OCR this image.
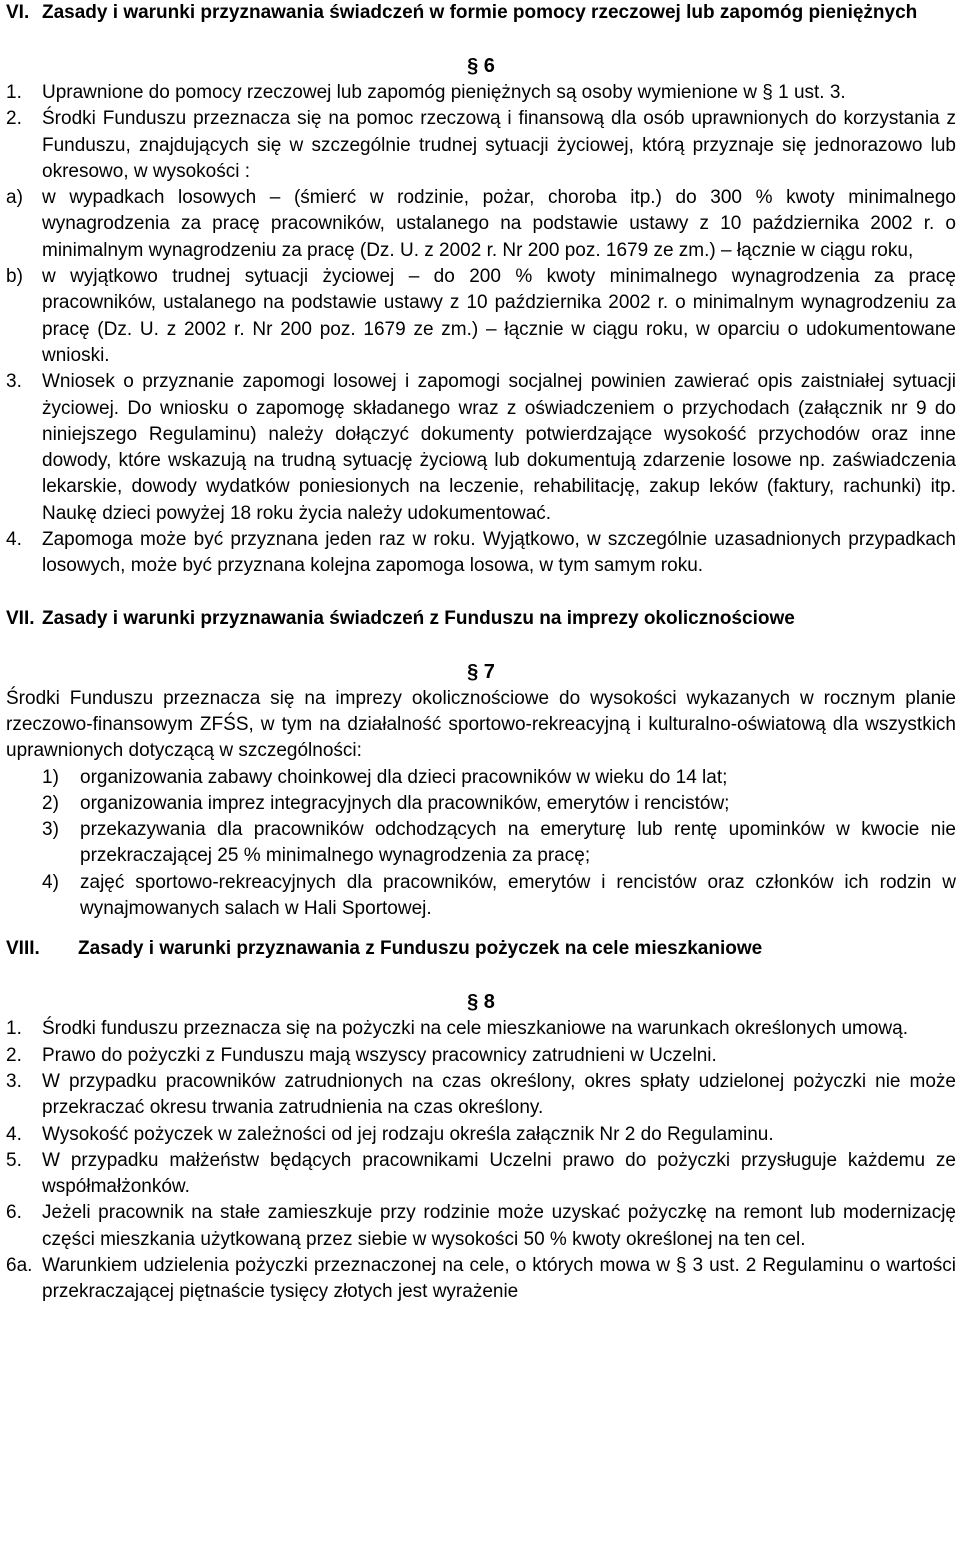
VI. Zasady i warunki przyznawania świadczeń w formie pomocy rzeczowej lub zapomóg pieniężnych
§ 6
1.	Uprawnione do pomocy rzeczowej lub zapomóg pieniężnych są osoby wymienione w § 1 ust. 3.
2.	Środki Funduszu przeznacza się na pomoc rzeczową i finansową dla osób uprawnionych do korzystania z Funduszu, znajdujących się w szczególnie trudnej sytuacji życiowej, którą przyznaje się jednorazowo lub okresowo, w wysokości :
a)	w wypadkach losowych – (śmierć w rodzinie, pożar, choroba itp.) do 300 % kwoty minimalnego wynagrodzenia za pracę pracowników, ustalanego na podstawie ustawy z 10 października 2002 r. o minimalnym wynagrodzeniu za pracę (Dz. U. z 2002 r. Nr 200 poz. 1679 ze zm.) – łącznie w ciągu roku,
b)	w wyjątkowo trudnej sytuacji życiowej – do 200 % kwoty minimalnego wynagrodzenia za pracę pracowników, ustalanego na podstawie ustawy z 10 października 2002 r. o minimalnym wynagrodzeniu za pracę (Dz. U. z 2002 r. Nr 200 poz. 1679 ze zm.) – łącznie w ciągu roku, w oparciu o udokumentowane wnioski.
3.	Wniosek o przyznanie zapomogi losowej i zapomogi socjalnej powinien zawierać opis zaistniałej sytuacji życiowej. Do wniosku o zapomogę składanego wraz z oświadczeniem o przychodach (załącznik nr 9 do niniejszego Regulaminu) należy dołączyć dokumenty potwierdzające wysokość przychodów oraz inne dowody, które wskazują na trudną sytuację życiową lub dokumentują zdarzenie losowe np. zaświadczenia lekarskie, dowody wydatków poniesionych na leczenie, rehabilitację, zakup leków (faktury, rachunki) itp. Naukę dzieci powyżej 18 roku życia należy udokumentować.
4.	Zapomoga może być przyznana jeden raz w roku. Wyjątkowo, w szczególnie uzasadnionych przypadkach losowych, może być przyznana kolejna zapomoga losowa, w tym samym roku.
VII. Zasady i warunki przyznawania świadczeń z Funduszu na imprezy okolicznościowe
§ 7
Środki Funduszu przeznacza się na imprezy okolicznościowe do wysokości wykazanych w rocznym planie rzeczowo-finansowym ZFŚS, w tym na działalność sportowo-rekreacyjną i kulturalno-oświatową dla wszystkich uprawnionych dotyczącą w szczególności:
1)	organizowania zabawy choinkowej dla dzieci pracowników w wieku do 14 lat;
2)	organizowania imprez integracyjnych dla pracowników, emerytów i rencistów;
3)	przekazywania dla pracowników odchodzących na emeryturę lub rentę upominków w kwocie nie przekraczającej 25 % minimalnego wynagrodzenia za pracę;
4)	zajęć sportowo-rekreacyjnych dla pracowników, emerytów i rencistów oraz członków ich rodzin w wynajmowanych salach w Hali Sportowej.
VIII.	Zasady i warunki przyznawania z Funduszu pożyczek na cele mieszkaniowe
§ 8
1.	Środki funduszu przeznacza się na pożyczki na cele mieszkaniowe na warunkach określonych umową.
2.	Prawo do pożyczki z Funduszu mają wszyscy pracownicy zatrudnieni w Uczelni.
3.	W przypadku pracowników zatrudnionych na czas określony, okres spłaty udzielonej pożyczki nie może przekraczać okresu trwania zatrudnienia na czas określony.
4.	Wysokość pożyczek w zależności od jej rodzaju określa załącznik Nr 2 do Regulaminu.
5.	W przypadku małżeństw będących pracownikami Uczelni prawo do pożyczki przysługuje każdemu ze współmałżonków.
6.	Jeżeli pracownik na stałe zamieszkuje przy rodzinie może uzyskać pożyczkę na remont lub modernizację części mieszkania użytkowaną przez siebie w wysokości 50 % kwoty określonej na ten cel.
6a. Warunkiem udzielenia pożyczki przeznaczonej na cele, o których mowa w § 3 ust. 2 Regulaminu o wartości przekraczającej piętnaście tysięcy złotych jest wyrażenie
